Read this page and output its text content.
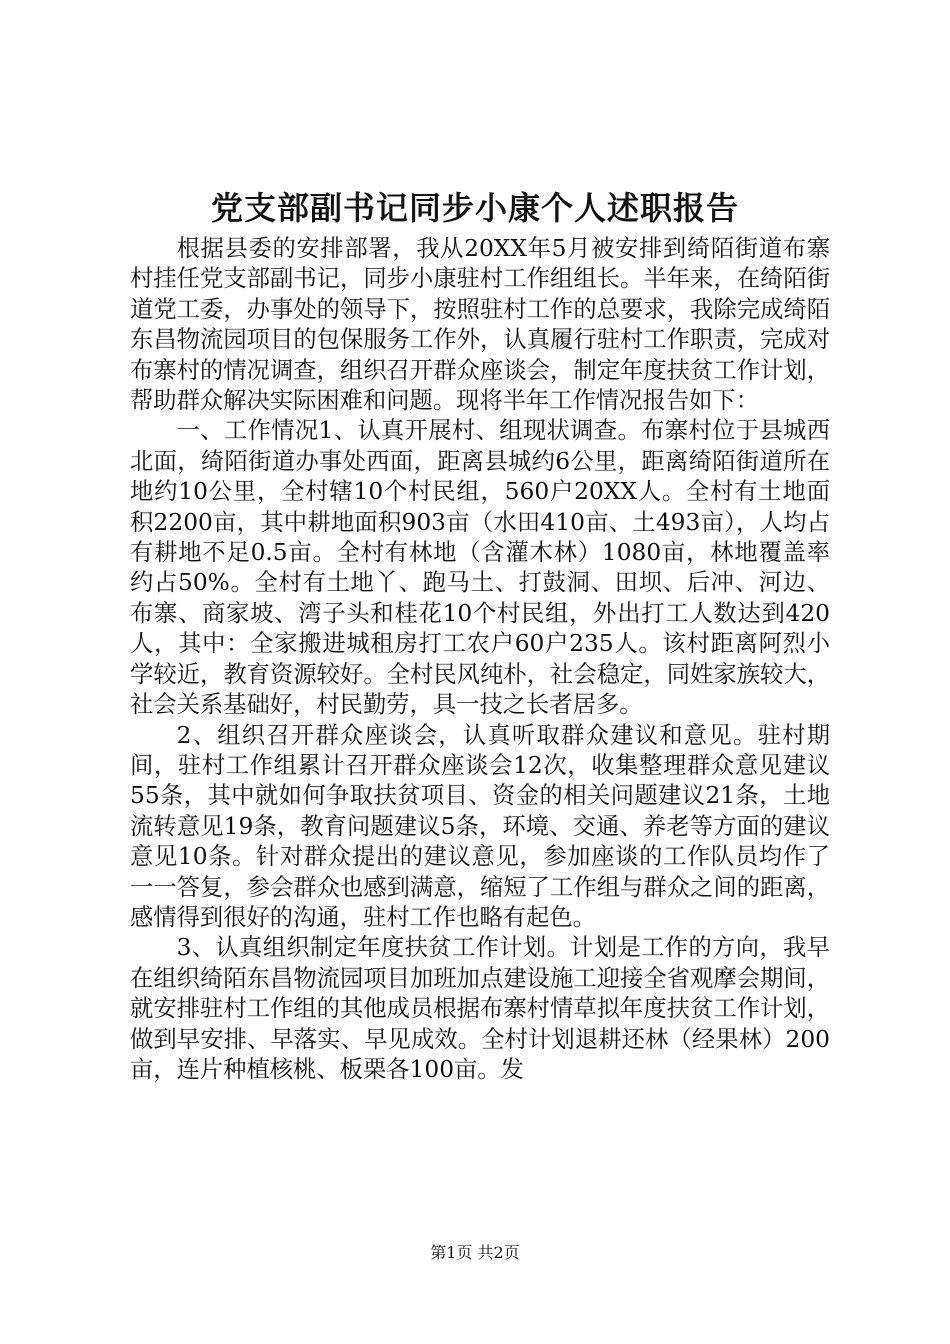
党支部副书记同步小康个人述职报告

根据县委的安排部署，我从20XX年5月被安排到绮陌街道布寨村挂任党支部副书记，同步小康驻村工作组组长。半年来，在绮陌街道党工委，办事处的领导下，按照驻村工作的总要求，我除完成绮陌东昌物流园项目的包保服务工作外，认真履行驻村工作职责，完成对布寨村的情况调查，组织召开群众座谈会，制定年度扶贫工作计划，帮助群众解决实际困难和问题。现将半年工作情况报告如下：

一、工作情况1、认真开展村、组现状调查。布寨村位于县城西北面，绮陌街道办事处西面，距离县城约6公里，距离绮陌街道所在地约10公里，全村辖10个村民组，560户20XX人。全村有土地面积2200亩，其中耕地面积903亩（水田410亩、土493亩），人均占有耕地不足0.5亩。全村有林地（含灌木林）1080亩，林地覆盖率约占50%。全村有土地丫、跑马土、打鼓洞、田坝、后冲、河边、布寨、商家坡、湾子头和桂花10个村民组，外出打工人数达到420人，其中：全家搬进城租房打工农户60户235人。该村距离阿烈小学较近，教育资源较好。全村民风纯朴，社会稳定，同姓家族较大，社会关系基础好，村民勤劳，具一技之长者居多。

2、组织召开群众座谈会，认真听取群众建议和意见。驻村期间，驻村工作组累计召开群众座谈会12次，收集整理群众意见建议55条，其中就如何争取扶贫项目、资金的相关问题建议21条，土地流转意见19条，教育问题建议5条，环境、交通、养老等方面的建议意见10条。针对群众提出的建议意见，参加座谈的工作队员均作了一一答复，参会群众也感到满意，缩短了工作组与群众之间的距离，感情得到很好的沟通，驻村工作也略有起色。

3、认真组织制定年度扶贫工作计划。计划是工作的方向，我早在组织绮陌东昌物流园项目加班加点建设施工迎接全省观摩会期间，就安排驻村工作组的其他成员根据布寨村情草拟年度扶贫工作计划，做到早安排、早落实、早见成效。全村计划退耕还林（经果林）200亩，连片种植核桃、板栗各100亩。发

第1页 共2页
